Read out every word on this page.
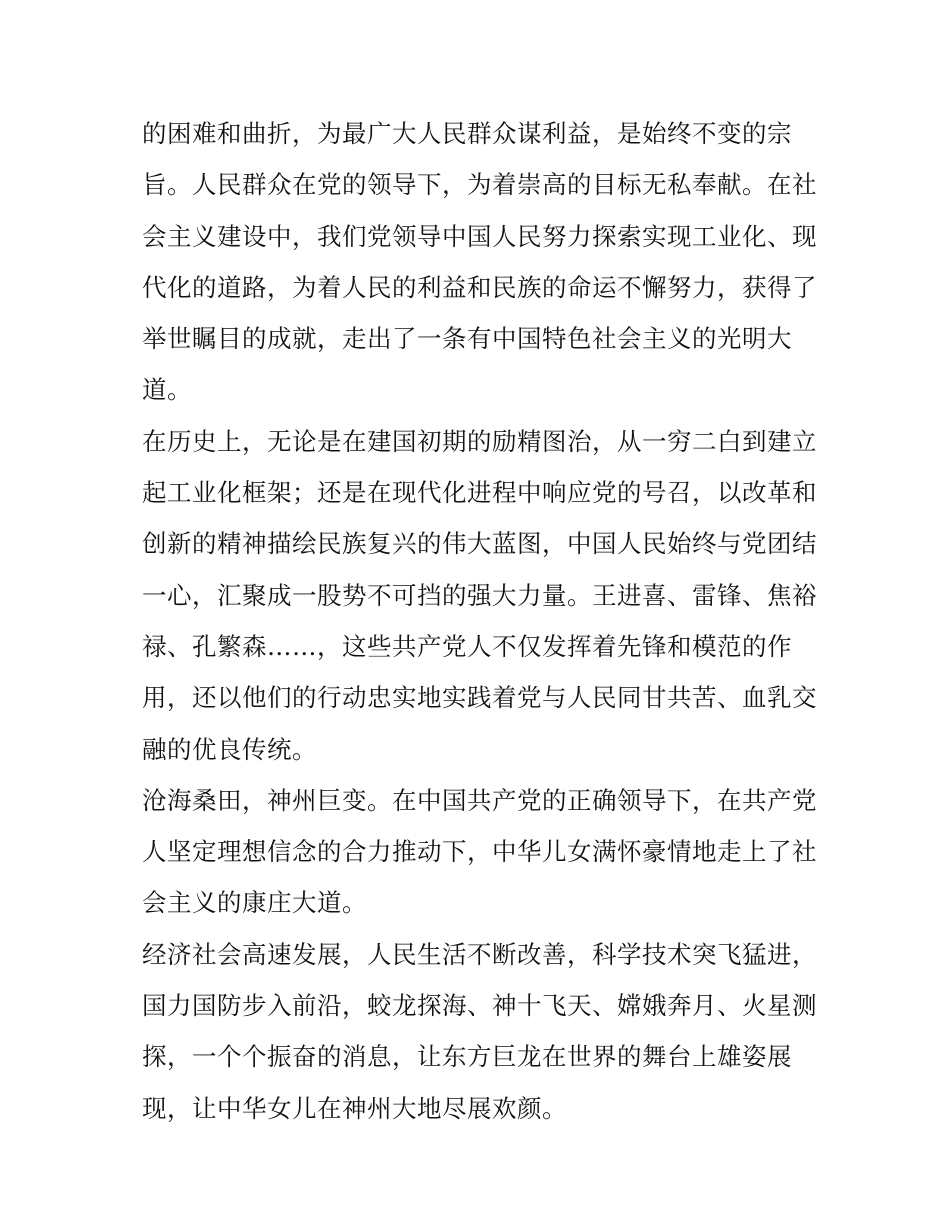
的困难和曲折，为最广大人民群众谋利益，是始终不变的宗旨。人民群众在党的领导下，为着崇高的目标无私奉献。在社会主义建设中，我们党领导中国人民努力探索实现工业化、现代化的道路，为着人民的利益和民族的命运不懈努力，获得了举世瞩目的成就，走出了一条有中国特色社会主义的光明大道。

在历史上，无论是在建国初期的励精图治，从一穷二白到建立起工业化框架；还是在现代化进程中响应党的号召，以改革和创新的精神描绘民族复兴的伟大蓝图，中国人民始终与党团结一心，汇聚成一股势不可挡的强大力量。王进喜、雷锋、焦裕禄、孔繁森……，这些共产党人不仅发挥着先锋和模范的作用，还以他们的行动忠实地实践着党与人民同甘共苦、血乳交融的优良传统。

沧海桑田，神州巨变。在中国共产党的正确领导下，在共产党人坚定理想信念的合力推动下，中华儿女满怀豪情地走上了社会主义的康庄大道。

经济社会高速发展，人民生活不断改善，科学技术突飞猛进，国力国防步入前沿，蛟龙探海、神十飞天、嫦娥奔月、火星测探，一个个振奋的消息，让东方巨龙在世界的舞台上雄姿展现，让中华女儿在神州大地尽展欢颜。
